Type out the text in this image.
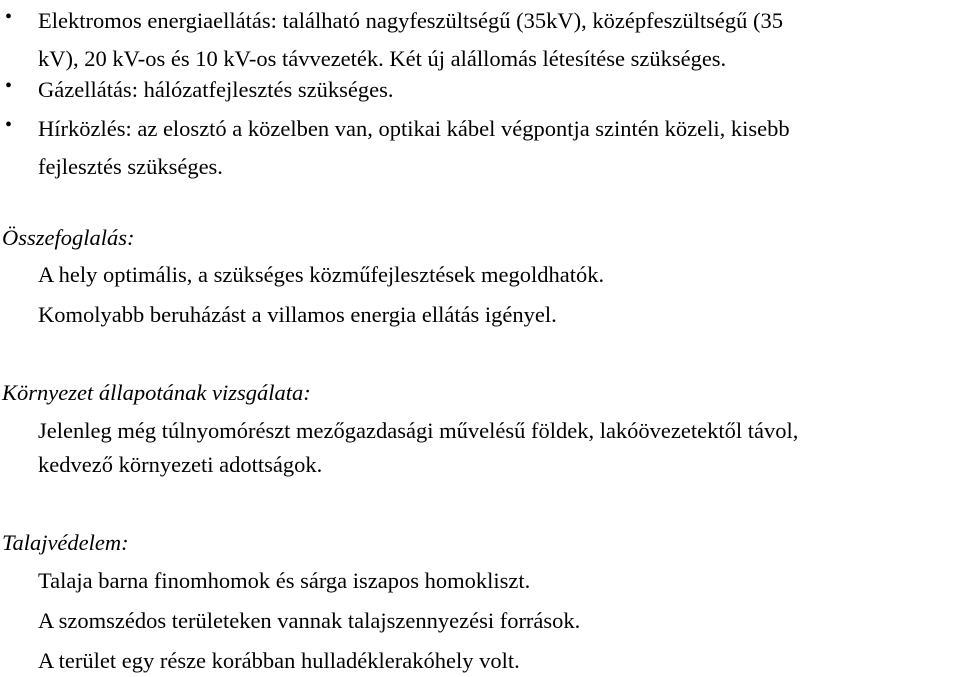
•	Elektromos energiaellátás: található nagyfeszültségű (35kV), középfeszültségű (35
kV), 20 kV-os és 10 kV-os távvezeték. Két új alállomás létesítése szükséges.
•	Gázellátás: hálózatfejlesztés szükséges.
•	Hírközlés: az elosztó a közelben van, optikai kábel végpontja szintén közeli, kisebb
fejlesztés szükséges.
Összefoglalás:
A hely optimális, a szükséges közműfejlesztések megoldhatók.
Komolyabb beruházást a villamos energia ellátás igényel.
Környezet állapotának vizsgálata:
Jelenleg még túlnyomórészt mezőgazdasági művelésű földek, lakóövezetektől távol,
kedvező környezeti adottságok.
Talajvédelem:
Talaja barna finomhomok és sárga iszapos homokliszt.
A szomszédos területeken vannak talajszennyezési források.
A terület egy része korábban hulladéklerakóhely volt.
